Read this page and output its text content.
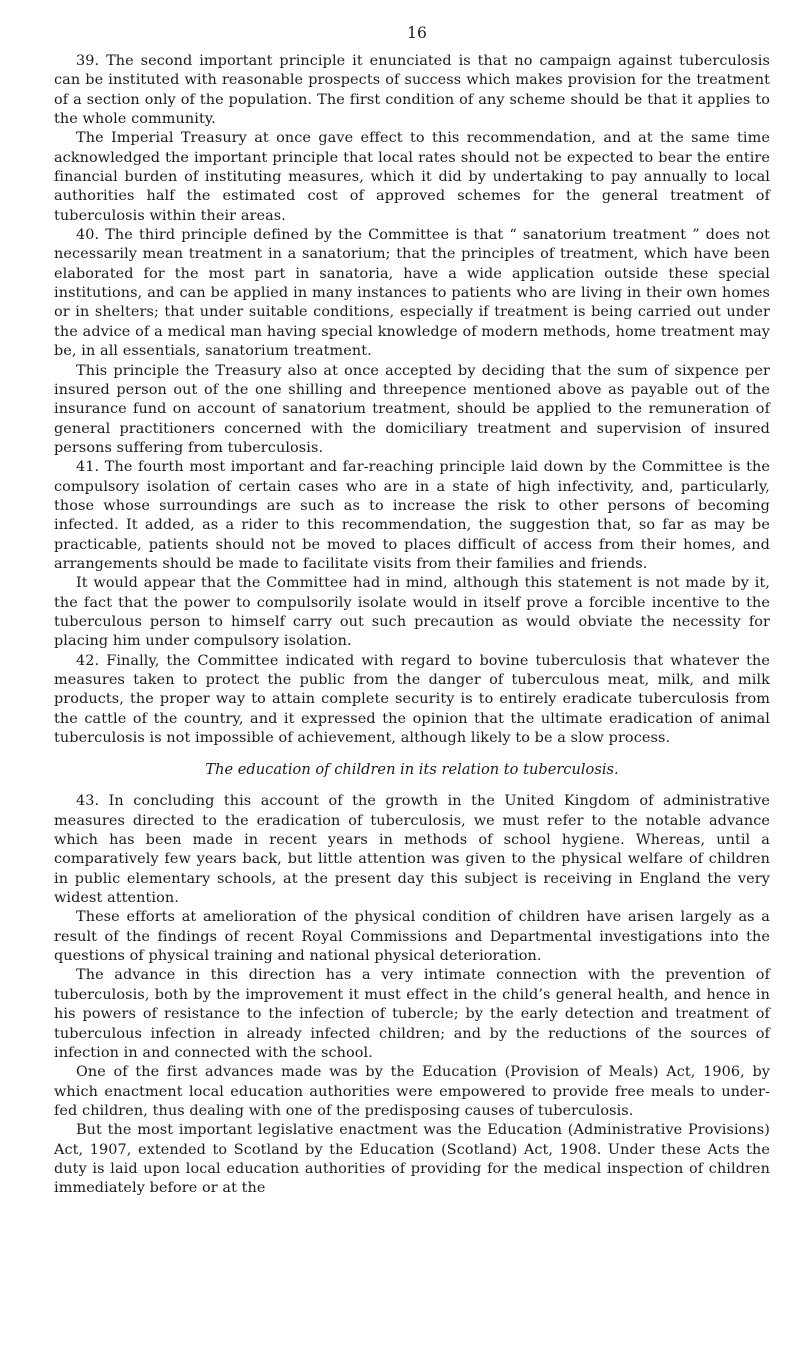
16

39. The second important principle it enunciated is that no campaign against tuberculosis can be instituted with reasonable prospects of success which makes provision for the treatment of a section only of the population. The first condition of any scheme should be that it applies to the whole community.

The Imperial Treasury at once gave effect to this recommendation, and at the same time acknowledged the important principle that local rates should not be expected to bear the entire financial burden of instituting measures, which it did by undertaking to pay annually to local authorities half the estimated cost of approved schemes for the general treatment of tuberculosis within their areas.

40. The third principle defined by the Committee is that “ sanatorium treatment ” does not necessarily mean treatment in a sanatorium; that the principles of treatment, which have been elaborated for the most part in sanatoria, have a wide application outside these special institutions, and can be applied in many instances to patients who are living in their own homes or in shelters; that under suitable conditions, especially if treatment is being carried out under the advice of a medical man having special knowledge of modern methods, home treatment may be, in all essentials, sanatorium treatment.

This principle the Treasury also at once accepted by deciding that the sum of sixpence per insured person out of the one shilling and threepence mentioned above as payable out of the insurance fund on account of sanatorium treatment, should be applied to the remuneration of general practitioners concerned with the domiciliary treatment and supervision of insured persons suffering from tuberculosis.

41. The fourth most important and far-reaching principle laid down by the Committee is the compulsory isolation of certain cases who are in a state of high infectivity, and, particularly, those whose surroundings are such as to increase the risk to other persons of becoming infected. It added, as a rider to this recommendation, the suggestion that, so far as may be practicable, patients should not be moved to places difficult of access from their homes, and arrangements should be made to facilitate visits from their families and friends.

It would appear that the Committee had in mind, although this statement is not made by it, the fact that the power to compulsorily isolate would in itself prove a forcible incentive to the tuberculous person to himself carry out such precaution as would obviate the necessity for placing him under compulsory isolation.

42. Finally, the Committee indicated with regard to bovine tuberculosis that whatever the measures taken to protect the public from the danger of tuberculous meat, milk, and milk products, the proper way to attain complete security is to entirely eradicate tuberculosis from the cattle of the country, and it expressed the opinion that the ultimate eradication of animal tuberculosis is not impossible of achievement, although likely to be a slow process.

The education of children in its relation to tuberculosis.

43. In concluding this account of the growth in the United Kingdom of administrative measures directed to the eradication of tuberculosis, we must refer to the notable advance which has been made in recent years in methods of school hygiene. Whereas, until a comparatively few years back, but little attention was given to the physical welfare of children in public elementary schools, at the present day this subject is receiving in England the very widest attention.

These efforts at amelioration of the physical condition of children have arisen largely as a result of the findings of recent Royal Commissions and Departmental investigations into the questions of physical training and national physical deterioration.

The advance in this direction has a very intimate connection with the prevention of tuberculosis, both by the improvement it must effect in the child’s general health, and hence in his powers of resistance to the infection of tubercle; by the early detection and treatment of tuberculous infection in already infected children; and by the reductions of the sources of infection in and connected with the school.

One of the first advances made was by the Education (Provision of Meals) Act, 1906, by which enactment local education authorities were empowered to provide free meals to under-fed children, thus dealing with one of the predisposing causes of tuberculosis.

But the most important legislative enactment was the Education (Administrative Provisions) Act, 1907, extended to Scotland by the Education (Scotland) Act, 1908. Under these Acts the duty is laid upon local education authorities of providing for the medical inspection of children immediately before or at the
